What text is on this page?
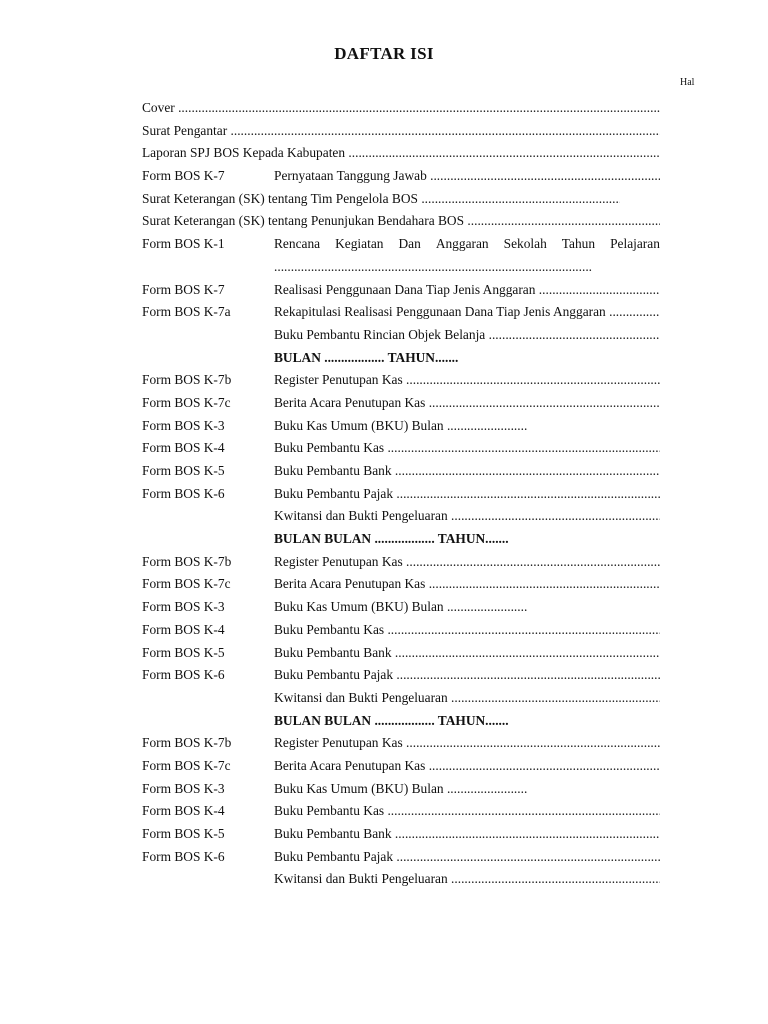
DAFTAR ISI
Hal
Cover .....
Surat Pengantar .....
Laporan SPJ BOS Kepada Kabupaten .....
Form BOS K-7	Pernyataan Tanggung Jawab .....
Surat Keterangan (SK) tentang Tim Pengelola BOS .....
Surat Keterangan (SK) tentang Penunjukan Bendahara BOS .....
Form BOS K-1	Rencana Kegiatan Dan Anggaran Sekolah Tahun Pelajaran
.....
Form BOS K-7	Realisasi Penggunaan Dana Tiap Jenis Anggaran .....
Form BOS K-7a	Rekapitulasi Realisasi Penggunaan Dana Tiap Jenis Anggaran .....
Buku Pembantu Rincian Objek Belanja .....
BULAN .................. TAHUN.......
Form BOS K-7b	Register Penutupan Kas .....
Form BOS K-7c	Berita Acara Penutupan Kas .....
Form BOS K-3	Buku Kas Umum (BKU) Bulan .....
Form BOS K-4	Buku Pembantu Kas .....
Form BOS K-5	Buku Pembantu Bank .....
Form BOS K-6	Buku Pembantu Pajak .....
Kwitansi dan Bukti Pengeluaran .....
BULAN BULAN .................. TAHUN.......
Form BOS K-7b	Register Penutupan Kas .....
Form BOS K-7c	Berita Acara Penutupan Kas .....
Form BOS K-3	Buku Kas Umum (BKU) Bulan .....
Form BOS K-4	Buku Pembantu Kas .....
Form BOS K-5	Buku Pembantu Bank .....
Form BOS K-6	Buku Pembantu Pajak .....
Kwitansi dan Bukti Pengeluaran .....
BULAN BULAN .................. TAHUN.......
Form BOS K-7b	Register Penutupan Kas .....
Form BOS K-7c	Berita Acara Penutupan Kas .....
Form BOS K-3	Buku Kas Umum (BKU) Bulan .....
Form BOS K-4	Buku Pembantu Kas .....
Form BOS K-5	Buku Pembantu Bank .....
Form BOS K-6	Buku Pembantu Pajak .....
Kwitansi dan Bukti Pengeluaran .....
